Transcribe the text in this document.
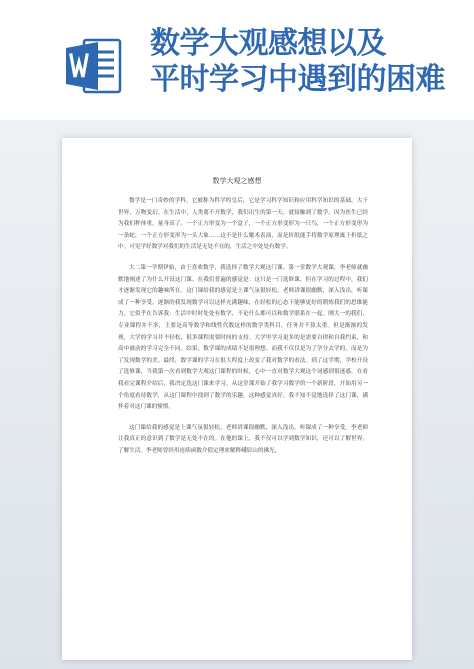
数学大观感想以及
平时学习中遇到的困难
数学大观之感想

数学是一门奇妙的学科。它被称为科学的皇后，它是学习科学知识和应用科学知识的基础。大千世界，万物变幻。在生活中，人类离不开数学，我们出生的第一天，就接触到了数学，因为医生已经为我们秤体重，量身高了。一个正方形变为一个盒子，一个正方形变形为一只鸟，一个正方形变形为一条蛇，一个正方形变形为一头大象……这不是什么魔术表演，而是折纸能手将数学原理寓于折纸之中。可见学好数学对我们的生活是无处不在的，生活之中处处有数学。

大二第一学期伊始，由于喜欢数学，我选择了数学大观这门课。第一堂数学大观课，李老师就幽默地阐述了为什么开设这门课。在我们普遍的感觉是：这只是一门选修课，但在学习的过程中，我们才逐渐发现它的趣味所在。这门课给我的感觉是上课气氛很轻松，老师讲课很幽默，深入浅出，听课成了一种享受。逐渐的我发现数学可以这样充满趣味，在轻松的心态下能够更好的锻炼我们的思维能力。它似乎在告诉我：生活中时时处处有数学，不论什么都可以和数学联系在一起。刚大一的我们，专业课程并不多，主要是高等数学和线性代数这样的数学类科目，任务并不算太重。但是渐渐的发现，大学的学习并不轻松，很多课程需要时间的支持。大学里学习更多的是需要自律和自我约束，和高中被动的学习完全不同。结果，数学课的成绩不是很理想。而我不仅仅是为了学分去学的，而是为了发现数学的美。最终，数学课的学习在很大程度上改变了我对数学的看法。到了这学期，学校开设了选修课，当我第一次看到数学大观这门课程的时候，心中一直对数学大观这个词感到很迷惑。在看我看完课程介绍后，我决定选这门课来学习，从这堂课开始了我学习数学的一个新阶段，开始用另一个角度看待数学，从这门课程中找到了数学的乐趣，这种感觉真好。我不知不觉地选择了这门课，满怀着对这门课的憧憬。

这门课给我的感觉是上课气氛很轻松，老师讲课很幽默，深入浅出，听课成了一种享受。李老师让我真正的意识到了数学是无处不在的。在他的课上，我不仅可以学到数学知识，还可以了解世界，了解生活。李老师曾经用连续函数介值定理来解释峨眉山的佛光，
